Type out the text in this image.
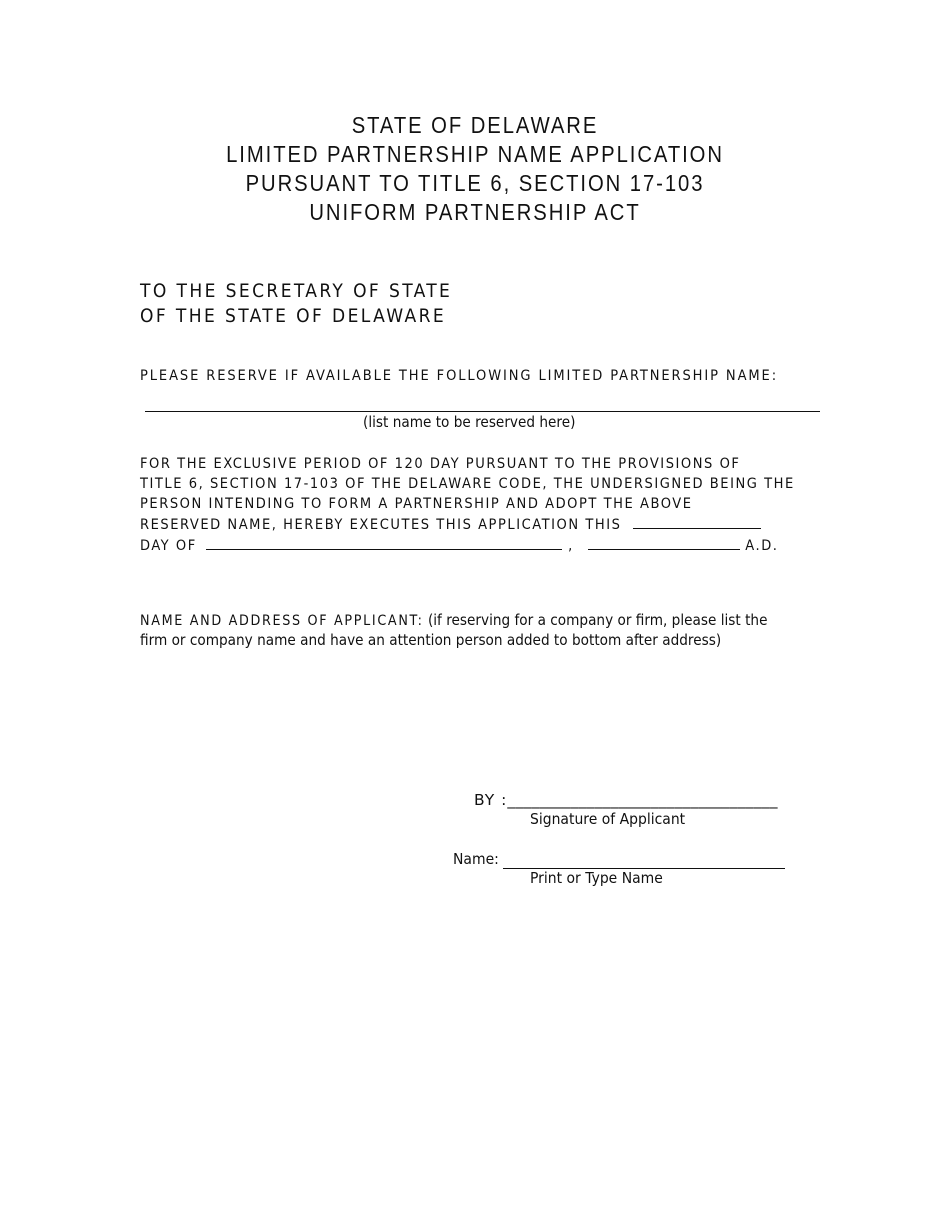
STATE OF DELAWARE
LIMITED PARTNERSHIP NAME APPLICATION
PURSUANT TO TITLE 6, SECTION 17-103
UNIFORM PARTNERSHIP ACT
TO THE SECRETARY OF STATE
OF THE STATE OF DELAWARE
PLEASE RESERVE IF AVAILABLE THE FOLLOWING LIMITED PARTNERSHIP NAME:
(list name to be reserved here)
FOR THE EXCLUSIVE PERIOD OF 120 DAY PURSUANT TO THE PROVISIONS OF
TITLE 6, SECTION 17-103 OF THE DELAWARE CODE, THE UNDERSIGNED BEING THE
PERSON INTENDING TO FORM A PARTNERSHIP AND ADOPT THE ABOVE
RESERVED NAME, HEREBY EXECUTES THIS APPLICATION THIS
DAY OF	,	A.D.
NAME AND ADDRESS OF APPLICANT: (if reserving for a company or firm, please list the
firm or company name and have an attention person added to bottom after address)
BY :__________________________________
Signature of Applicant
Name:
Print or Type Name
